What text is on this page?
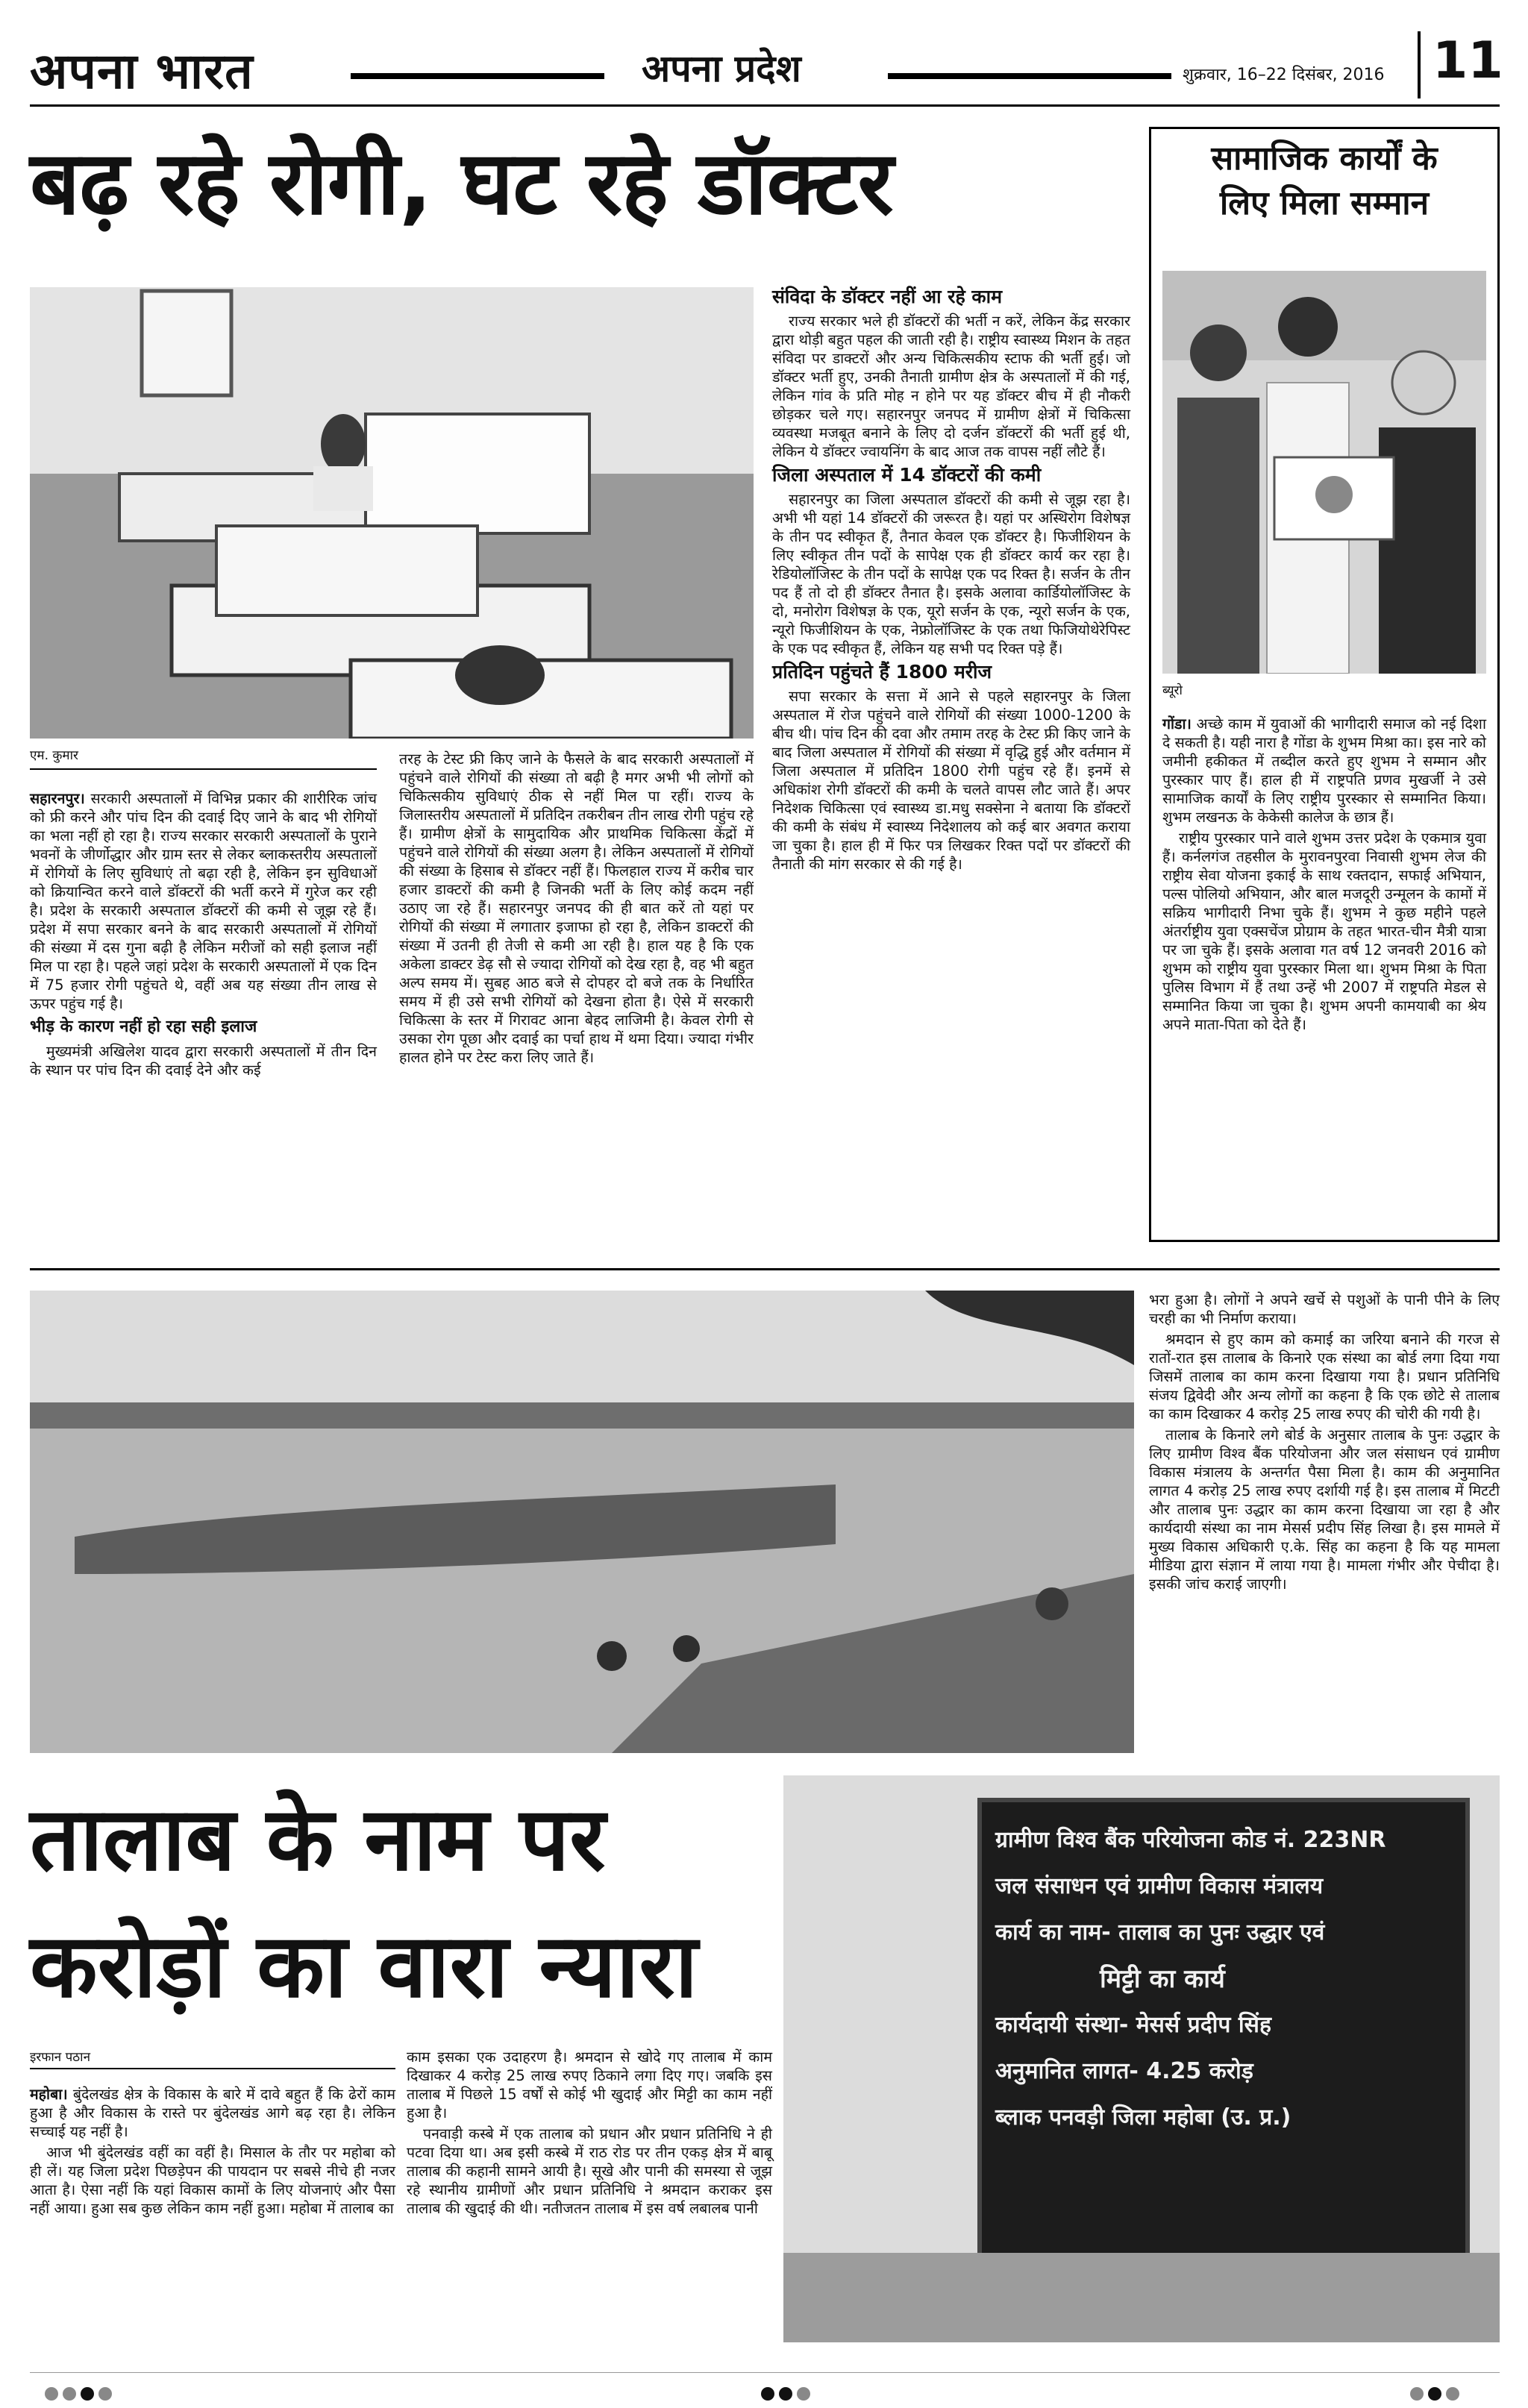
अपना भारत	अपना प्रदेश	शुक्रवार, 16–22 दिसंबर, 2016 11
बढ़ रहे रोगी, घट रहे डॉक्टर
एम. कुमार

सहारनपुर। सरकारी अस्पतालों में विभिन्न प्रकार की शारीरिक जांच को फ्री करने और पांच दिन की दवाई दिए जाने के बाद भी रोगियों का भला नहीं हो रहा है। राज्य सरकार सरकारी अस्पतालों के पुराने भवनों के जीर्णोद्धार और ग्राम स्तर से लेकर ब्लाकस्तरीय अस्पतालों में रोगियों के लिए सुविधाएं तो बढ़ा रही है, लेकिन इन सुविधाओं को क्रियान्वित करने वाले डॉक्टरों की भर्ती करने में गुरेज कर रही है। प्रदेश के सरकारी अस्पताल डॉक्टरों की कमी से जूझ रहे हैं। प्रदेश में सपा सरकार बनने के बाद सरकारी अस्पतालों में रोगियों की संख्या में दस गुना बढ़ी है लेकिन मरीजों को सही इलाज नहीं मिल पा रहा है। पहले जहां प्रदेश के सरकारी अस्पतालों में एक दिन में 75 हजार रोगी पहुंचते थे, वहीं अब यह संख्या तीन लाख से ऊपर पहुंच गई है।

भीड़ के कारण नहीं हो रहा सही इलाज

मुख्यमंत्री अखिलेश यादव द्वारा सरकारी अस्पतालों में तीन दिन के स्थान पर पांच दिन की दवाई देने और कई

तरह के टेस्ट फ्री किए जाने के फैसले के बाद सरकारी अस्पतालों में पहुंचने वाले रोगियों की संख्या तो बढ़ी है मगर अभी भी लोगों को चिकित्सकीय सुविधाएं ठीक से नहीं मिल पा रहीं। राज्य के जिलास्तरीय अस्पतालों में प्रतिदिन तकरीबन तीन लाख रोगी पहुंच रहे हैं। ग्रामीण क्षेत्रों के सामुदायिक और प्राथमिक चिकित्सा केंद्रों में पहुंचने वाले रोगियों की संख्या अलग है। लेकिन अस्पतालों में रोगियों की संख्या के हिसाब से डॉक्टर नहीं हैं। फिलहाल राज्य में करीब चार हजार डाक्टरों की कमी है जिनकी भर्ती के लिए कोई कदम नहीं उठाए जा रहे हैं। सहारनपुर जनपद की ही बात करें तो यहां पर रोगियों की संख्या में लगातार इजाफा हो रहा है, लेकिन डाक्टरों की संख्या में उतनी ही तेजी से कमी आ रही है। हाल यह है कि एक अकेला डाक्टर डेढ़ सौ से ज्यादा रोगियों को देख रहा है, वह भी बहुत अल्प समय में। सुबह आठ बजे से दोपहर दो बजे तक के निर्धारित समय में ही उसे सभी रोगियों को देखना होता है। ऐसे में सरकारी चिकित्सा के स्तर में गिरावट आना बेहद लाजिमी है। केवल रोगी से उसका रोग पूछा और दवाई का पर्चा हाथ में थमा दिया। ज्यादा गंभीर हालत होने पर टेस्ट करा लिए जाते हैं।

संविदा के डॉक्टर नहीं आ रहे काम

राज्य सरकार भले ही डॉक्टरों की भर्ती न करें, लेकिन केंद्र सरकार द्वारा थोड़ी बहुत पहल की जाती रही है। राष्ट्रीय स्वास्थ्य मिशन के तहत संविदा पर डाक्टरों और अन्य चिकित्सकीय स्टाफ की भर्ती हुई। जो डॉक्टर भर्ती हुए, उनकी तैनाती ग्रामीण क्षेत्र के अस्पतालों में की गई, लेकिन गांव के प्रति मोह न होने पर यह डॉक्टर बीच में ही नौकरी छोड़कर चले गए। सहारनपुर जनपद में ग्रामीण क्षेत्रों में चिकित्सा व्यवस्था मजबूत बनाने के लिए दो दर्जन डॉक्टरों की भर्ती हुई थी, लेकिन ये डॉक्टर ज्वायनिंग के बाद आज तक वापस नहीं लौटे हैं।

जिला अस्पताल में 14 डॉक्टरों की कमी

सहारनपुर का जिला अस्पताल डॉक्टरों की कमी से जूझ रहा है। अभी भी यहां 14 डॉक्टरों की जरूरत है। यहां पर अस्थिरोग विशेषज्ञ के तीन पद स्वीकृत हैं, तैनात केवल एक डॉक्टर है। फिजीशियन के लिए स्वीकृत तीन पदों के सापेक्ष एक ही डॉक्टर कार्य कर रहा है। रेडियोलॉजिस्ट के तीन पदों के सापेक्ष एक पद रिक्त है। सर्जन के तीन पद हैं तो दो ही डॉक्टर तैनात है। इसके अलावा कार्डियोलॉजिस्ट के दो, मनोरोग विशेषज्ञ के एक, यूरो सर्जन के एक, न्यूरो सर्जन के एक, न्यूरो फिजीशियन के एक, नेफ्रोलॉजिस्ट के एक तथा फिजियोथेरेपिस्ट के एक पद स्वीकृत हैं, लेकिन यह सभी पद रिक्त पड़े हैं।

प्रतिदिन पहुंचते हैं 1800 मरीज

सपा सरकार के सत्ता में आने से पहले सहारनपुर के जिला अस्पताल में रोज पहुंचने वाले रोगियों की संख्या 1000-1200 के बीच थी। पांच दिन की दवा और तमाम तरह के टेस्ट फ्री किए जाने के बाद जिला अस्पताल में रोगियों की संख्या में वृद्धि हुई और वर्तमान में जिला अस्पताल में प्रतिदिन 1800 रोगी पहुंच रहे हैं। इनमें से अधिकांश रोगी डॉक्टरों की कमी के चलते वापस लौट जाते हैं। अपर निदेशक चिकित्सा एवं स्वास्थ्य डा.मधु सक्सेना ने बताया कि डॉक्टरों की कमी के संबंध में स्वास्थ्य निदेशालय को कई बार अवगत कराया जा चुका है। हाल ही में फिर पत्र लिखकर रिक्त पदों पर डॉक्टरों की तैनाती की मांग सरकार से की गई है।

सामाजिक कार्यों के
लिए मिला सम्मान
ब्यूरो

गोंडा। अच्छे काम में युवाओं की भागीदारी समाज को नई दिशा दे सकती है। यही नारा है गोंडा के शुभम मिश्रा का। इस नारे को जमीनी हकीकत में तब्दील करते हुए शुभम ने सम्मान और पुरस्कार पाए हैं। हाल ही में राष्ट्रपति प्रणव मुखर्जी ने उसे सामाजिक कार्यों के लिए राष्ट्रीय पुरस्कार से सम्मानित किया। शुभम लखनऊ के केकेसी कालेज के छात्र हैं।

राष्ट्रीय पुरस्कार पाने वाले शुभम उत्तर प्रदेश के एकमात्र युवा हैं। कर्नलगंज तहसील के मुरावनपुरवा निवासी शुभम लेज की राष्ट्रीय सेवा योजना इकाई के साथ रक्तदान, सफाई अभियान, पल्स पोलियो अभियान, और बाल मजदूरी उन्मूलन के कामों में सक्रिय भागीदारी निभा चुके हैं। शुभम ने कुछ महीने पहले अंतर्राष्ट्रीय युवा एक्सचेंज प्रोग्राम के तहत भारत-चीन मैत्री यात्रा पर जा चुके हैं। इसके अलावा गत वर्ष 12 जनवरी 2016 को शुभम को राष्ट्रीय युवा पुरस्कार मिला था। शुभम मिश्रा के पिता पुलिस विभाग में हैं तथा उन्हें भी 2007 में राष्ट्रपति मेडल से सम्मानित किया जा चुका है। शुभम अपनी कामयाबी का श्रेय अपने माता-पिता को देते हैं।

भरा हुआ है। लोगों ने अपने खर्चे से पशुओं के पानी पीने के लिए चरही का भी निर्माण कराया।

श्रमदान से हुए काम को कमाई का जरिया बनाने की गरज से रातों-रात इस तालाब के किनारे एक संस्था का बोर्ड लगा दिया गया जिसमें तालाब का काम करना दिखाया गया है। प्रधान प्रतिनिधि संजय द्विवेदी और अन्य लोगों का कहना है कि एक छोटे से तालाब का काम दिखाकर 4 करोड़ 25 लाख रुपए की चोरी की गयी है।

तालाब के किनारे लगे बोर्ड के अनुसार तालाब के पुनः उद्धार के लिए ग्रामीण विश्व बैंक परियोजना और जल संसाधन एवं ग्रामीण विकास मंत्रालय के अन्तर्गत पैसा मिला है। काम की अनुमानित लागत 4 करोड़ 25 लाख रुपए दर्शायी गई है। इस तालाब में मिटटी और तालाब पुनः उद्धार का काम करना दिखाया जा रहा है और कार्यदायी संस्था का नाम मेसर्स प्रदीप सिंह लिखा है। इस मामले में मुख्य विकास अधिकारी ए.के. सिंह का कहना है कि यह मामला मीडिया द्वारा संज्ञान में लाया गया है। मामला गंभीर और पेचीदा है। इसकी जांच कराई जाएगी।

तालाब के नाम पर
करोड़ों का वारा न्यारा
ग्रामीण विश्व बैंक परियोजना कोड नं. 223NR
जल संसाधन एवं ग्रामीण विकास मंत्रालय
कार्य का नाम- तालाब का पुनः उद्धार एवं
मिट्टी का कार्य
कार्यदायी संस्था- मेसर्स प्रदीप सिंह
अनुमानित लागत- 4.25 करोड़
ब्लाक पनवड़ी जिला महोबा (उ. प्र.)
इरफान पठान

महोबा। बुंदेलखंड क्षेत्र के विकास के बारे में दावे बहुत हैं कि ढेरों काम हुआ है और विकास के रास्ते पर बुंदेलखंड आगे बढ़ रहा है। लेकिन सच्चाई यह नहीं है।

आज भी बुंदेलखंड वहीं का वहीं है। मिसाल के तौर पर महोबा को ही लें। यह जिला प्रदेश पिछड़ेपन की पायदान पर सबसे नीचे ही नजर आता है। ऐसा नहीं कि यहां विकास कामों के लिए योजनाएं और पैसा नहीं आया। हुआ सब कुछ लेकिन काम नहीं हुआ। महोबा में तालाब का

काम इसका एक उदाहरण है। श्रमदान से खोदे गए तालाब में काम दिखाकर 4 करोड़ 25 लाख रुपए ठिकाने लगा दिए गए। जबकि इस तालाब में पिछले 15 वर्षों से कोई भी खुदाई और मिट्टी का काम नहीं हुआ है।

पनवाड़ी कस्बे में एक तालाब को प्रधान और प्रधान प्रतिनिधि ने ही पटवा दिया था। अब इसी कस्बे में राठ रोड पर तीन एकड़ क्षेत्र में बाबू तालाब की कहानी सामने आयी है। सूखे और पानी की समस्या से जूझ रहे स्थानीय ग्रामीणों और प्रधान प्रतिनिधि ने श्रमदान कराकर इस तालाब की खुदाई की थी। नतीजतन तालाब में इस वर्ष लबालब पानी
